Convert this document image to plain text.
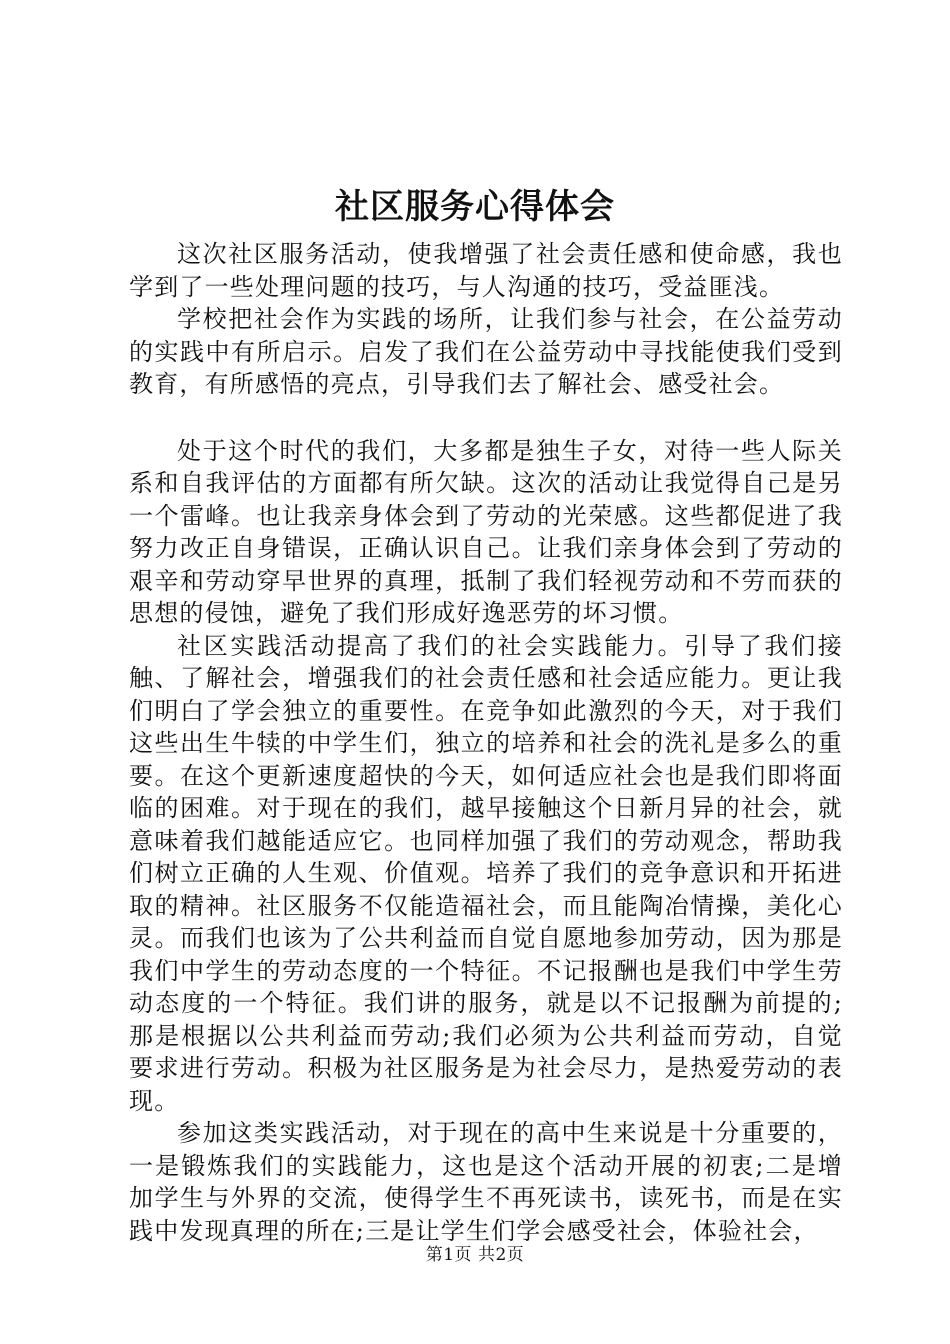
社区服务心得体会

这次社区服务活动，使我增强了社会责任感和使命感，我也学到了一些处理问题的技巧，与人沟通的技巧，受益匪浅。

学校把社会作为实践的场所，让我们参与社会，在公益劳动的实践中有所启示。启发了我们在公益劳动中寻找能使我们受到教育，有所感悟的亮点，引导我们去了解社会、感受社会。

处于这个时代的我们，大多都是独生子女，对待一些人际关系和自我评估的方面都有所欠缺。这次的活动让我觉得自己是另一个雷峰。也让我亲身体会到了劳动的光荣感。这些都促进了我努力改正自身错误，正确认识自己。让我们亲身体会到了劳动的艰辛和劳动穿早世界的真理，抵制了我们轻视劳动和不劳而获的思想的侵蚀，避免了我们形成好逸恶劳的坏习惯。

社区实践活动提高了我们的社会实践能力。引导了我们接触、了解社会，增强我们的社会责任感和社会适应能力。更让我们明白了学会独立的重要性。在竞争如此激烈的今天，对于我们这些出生牛犊的中学生们，独立的培养和社会的洗礼是多么的重要。在这个更新速度超快的今天，如何适应社会也是我们即将面临的困难。对于现在的我们，越早接触这个日新月异的社会，就意味着我们越能适应它。也同样加强了我们的劳动观念，帮助我们树立正确的人生观、价值观。培养了我们的竞争意识和开拓进取的精神。社区服务不仅能造福社会，而且能陶冶情操，美化心灵。而我们也该为了公共利益而自觉自愿地参加劳动，因为那是我们中学生的劳动态度的一个特征。不记报酬也是我们中学生劳动态度的一个特征。我们讲的服务，就是以不记报酬为前提的;那是根据以公共利益而劳动;我们必须为公共利益而劳动，自觉要求进行劳动。积极为社区服务是为社会尽力，是热爱劳动的表现。

参加这类实践活动，对于现在的高中生来说是十分重要的，一是锻炼我们的实践能力，这也是这个活动开展的初衷;二是增加学生与外界的交流，使得学生不再死读书，读死书，而是在实践中发现真理的所在;三是让学生们学会感受社会，体验社会，

第1页 共2页
